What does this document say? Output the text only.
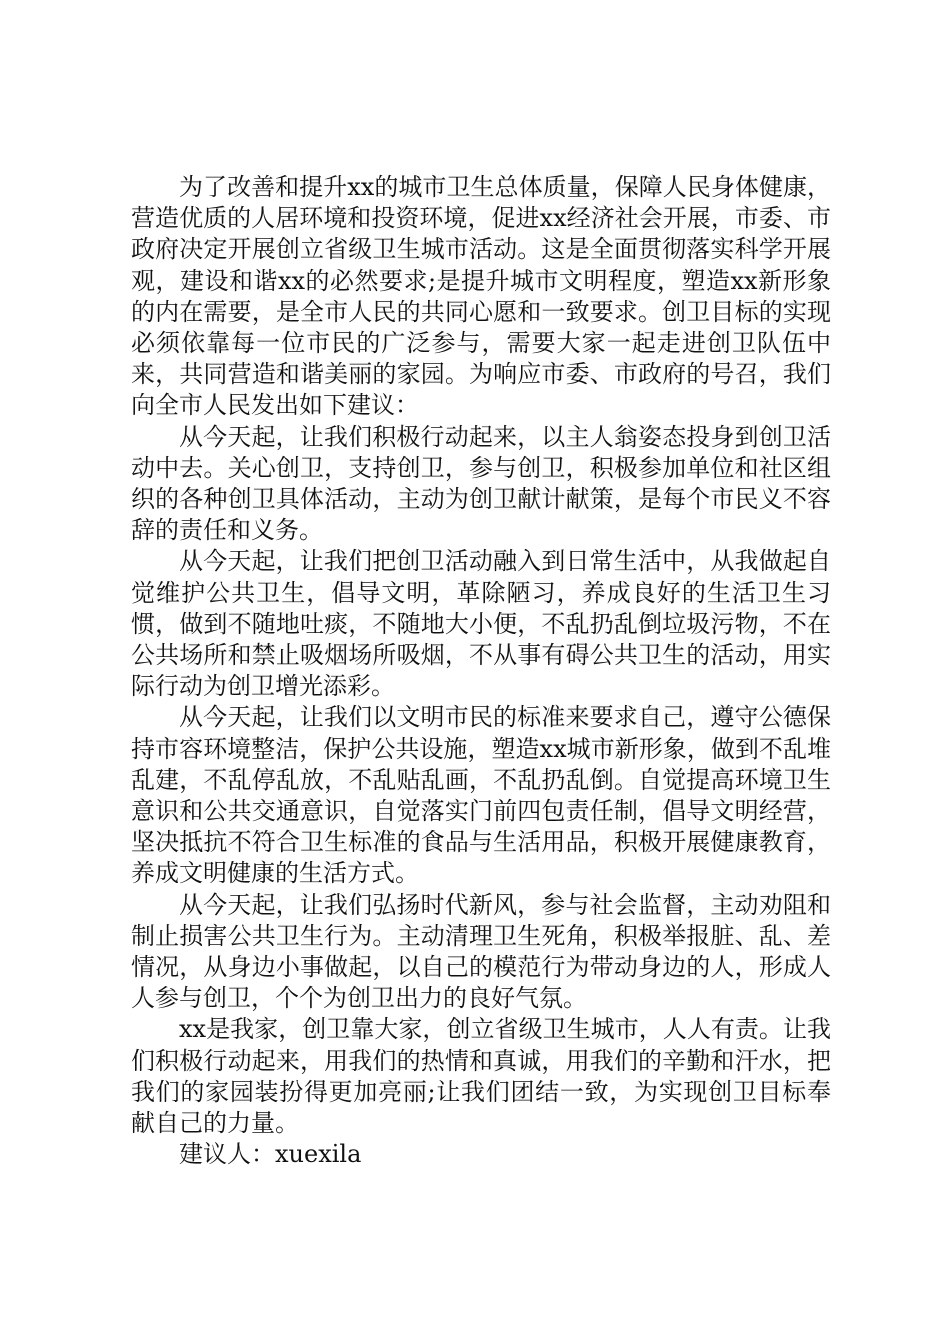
为了改善和提升xx的城市卫生总体质量，保障人民身体健康，营造优质的人居环境和投资环境，促进xx经济社会开展，市委、市政府决定开展创立省级卫生城市活动。这是全面贯彻落实科学开展观，建设和谐xx的必然要求;是提升城市文明程度，塑造xx新形象的内在需要，是全市人民的共同心愿和一致要求。创卫目标的实现必须依靠每一位市民的广泛参与，需要大家一起走进创卫队伍中来，共同营造和谐美丽的家园。为响应市委、市政府的号召，我们向全市人民发出如下建议：

从今天起，让我们积极行动起来，以主人翁姿态投身到创卫活动中去。关心创卫，支持创卫，参与创卫，积极参加单位和社区组织的各种创卫具体活动，主动为创卫献计献策，是每个市民义不容辞的责任和义务。

从今天起，让我们把创卫活动融入到日常生活中，从我做起自觉维护公共卫生，倡导文明，革除陋习，养成良好的生活卫生习惯，做到不随地吐痰，不随地大小便，不乱扔乱倒垃圾污物，不在公共场所和禁止吸烟场所吸烟，不从事有碍公共卫生的活动，用实际行动为创卫增光添彩。

从今天起，让我们以文明市民的标准来要求自己，遵守公德保持市容环境整洁，保护公共设施，塑造xx城市新形象，做到不乱堆乱建，不乱停乱放，不乱贴乱画，不乱扔乱倒。自觉提高环境卫生意识和公共交通意识，自觉落实门前四包责任制，倡导文明经营，坚决抵抗不符合卫生标准的食品与生活用品，积极开展健康教育，养成文明健康的生活方式。

从今天起，让我们弘扬时代新风，参与社会监督，主动劝阻和制止损害公共卫生行为。主动清理卫生死角，积极举报脏、乱、差情况，从身边小事做起，以自己的模范行为带动身边的人，形成人人参与创卫，个个为创卫出力的良好气氛。

xx是我家，创卫靠大家，创立省级卫生城市，人人有责。让我们积极行动起来，用我们的热情和真诚，用我们的辛勤和汗水，把我们的家园装扮得更加亮丽;让我们团结一致，为实现创卫目标奉献自己的力量。

建议人：xuexila
